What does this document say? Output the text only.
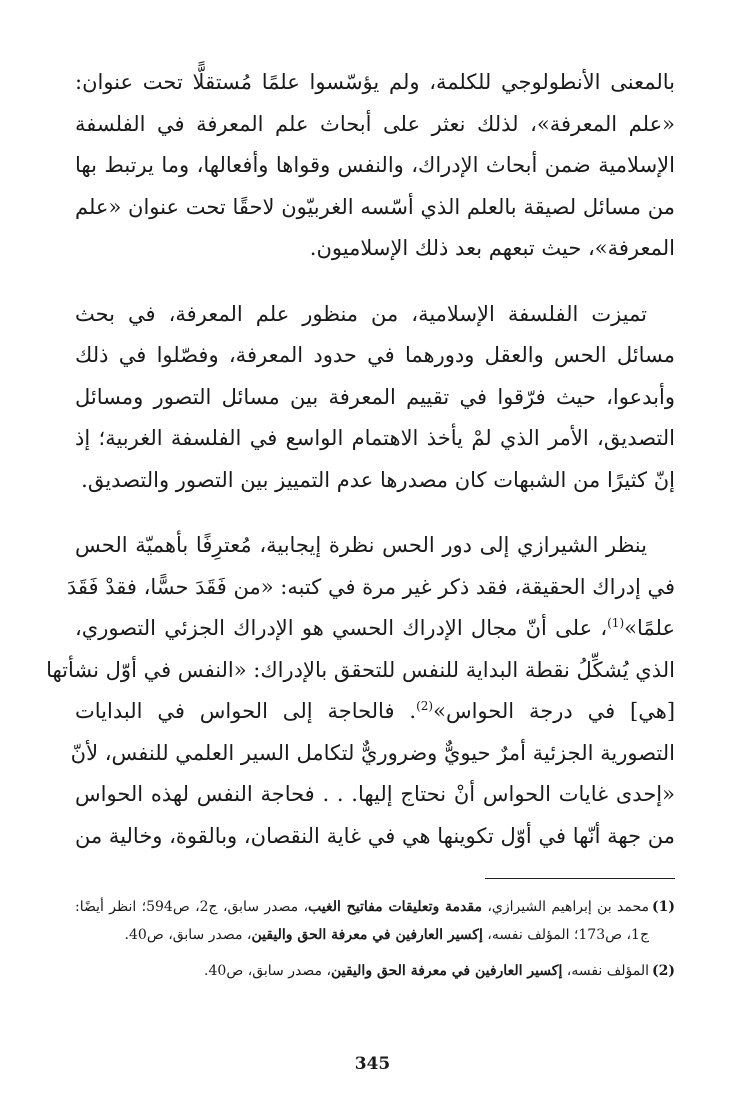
بالمعنى الأنطولوجي للكلمة، ولم يؤسّسوا علمًا مُستقلًّا تحت عنوان:
«علم المعرفة»، لذلك نعثر على أبحاث علم المعرفة في الفلسفة
الإسلامية ضمن أبحاث الإدراك، والنفس وقواها وأفعالها، وما يرتبط بها
من مسائل لصيقة بالعلم الذي أسّسه الغربيّون لاحقًا تحت عنوان «علم
المعرفة»، حيث تبعهم بعد ذلك الإسلاميون.
تميزت الفلسفة الإسلامية، من منظور علم المعرفة، في بحث
مسائل الحس والعقل ودورهما في حدود المعرفة، وفصّلوا في ذلك
وأبدعوا، حيث فرّقوا في تقييم المعرفة بين مسائل التصور ومسائل
التصديق، الأمر الذي لمْ يأخذ الاهتمام الواسع في الفلسفة الغربية؛ إذ
إنّ كثيرًا من الشبهات كان مصدرها عدم التمييز بين التصور والتصديق.
ينظر الشيرازي إلى دور الحس نظرة إيجابية، مُعترِفًا بأهميّة الحس
في إدراك الحقيقة، فقد ذكر غير مرة في كتبه: «من فَقَدَ حسًّا، فقدْ فَقَدَ
علمًا»$^{(1)}$، على أنّ مجال الإدراك الحسي هو الإدراك الجزئي التصوري،
الذي يُشكِّلُ نقطة البداية للنفس للتحقق بالإدراك: «النفس في أوّل نشأتها
[هي] في درجة الحواس»$^{(2)}$. فالحاجة إلى الحواس في البدايات
التصورية الجزئية أمرٌ حيويٌّ وضروريٌّ لتكامل السير العلمي للنفس، لأنّ
«إحدى غايات الحواس أنْ نحتاج إليها. . . فحاجة النفس لهذه الحواس
من جهة أنّها في أوّل تكوينها هي في غاية النقصان، وبالقوة، وخالية من
(1)
محمد بن إبراهيم الشيرازي، مقدمة وتعليقات مفاتيح الغيب، مصدر سابق، ج2، ص594؛ انظر أيضًا: ج1، ص173؛ المؤلف نفسه، إكسير العارفين في معرفة الحق واليقين، مصدر سابق، ص40.
(2)
المؤلف نفسه، إكسير العارفين في معرفة الحق واليقين، مصدر سابق، ص40.
345
